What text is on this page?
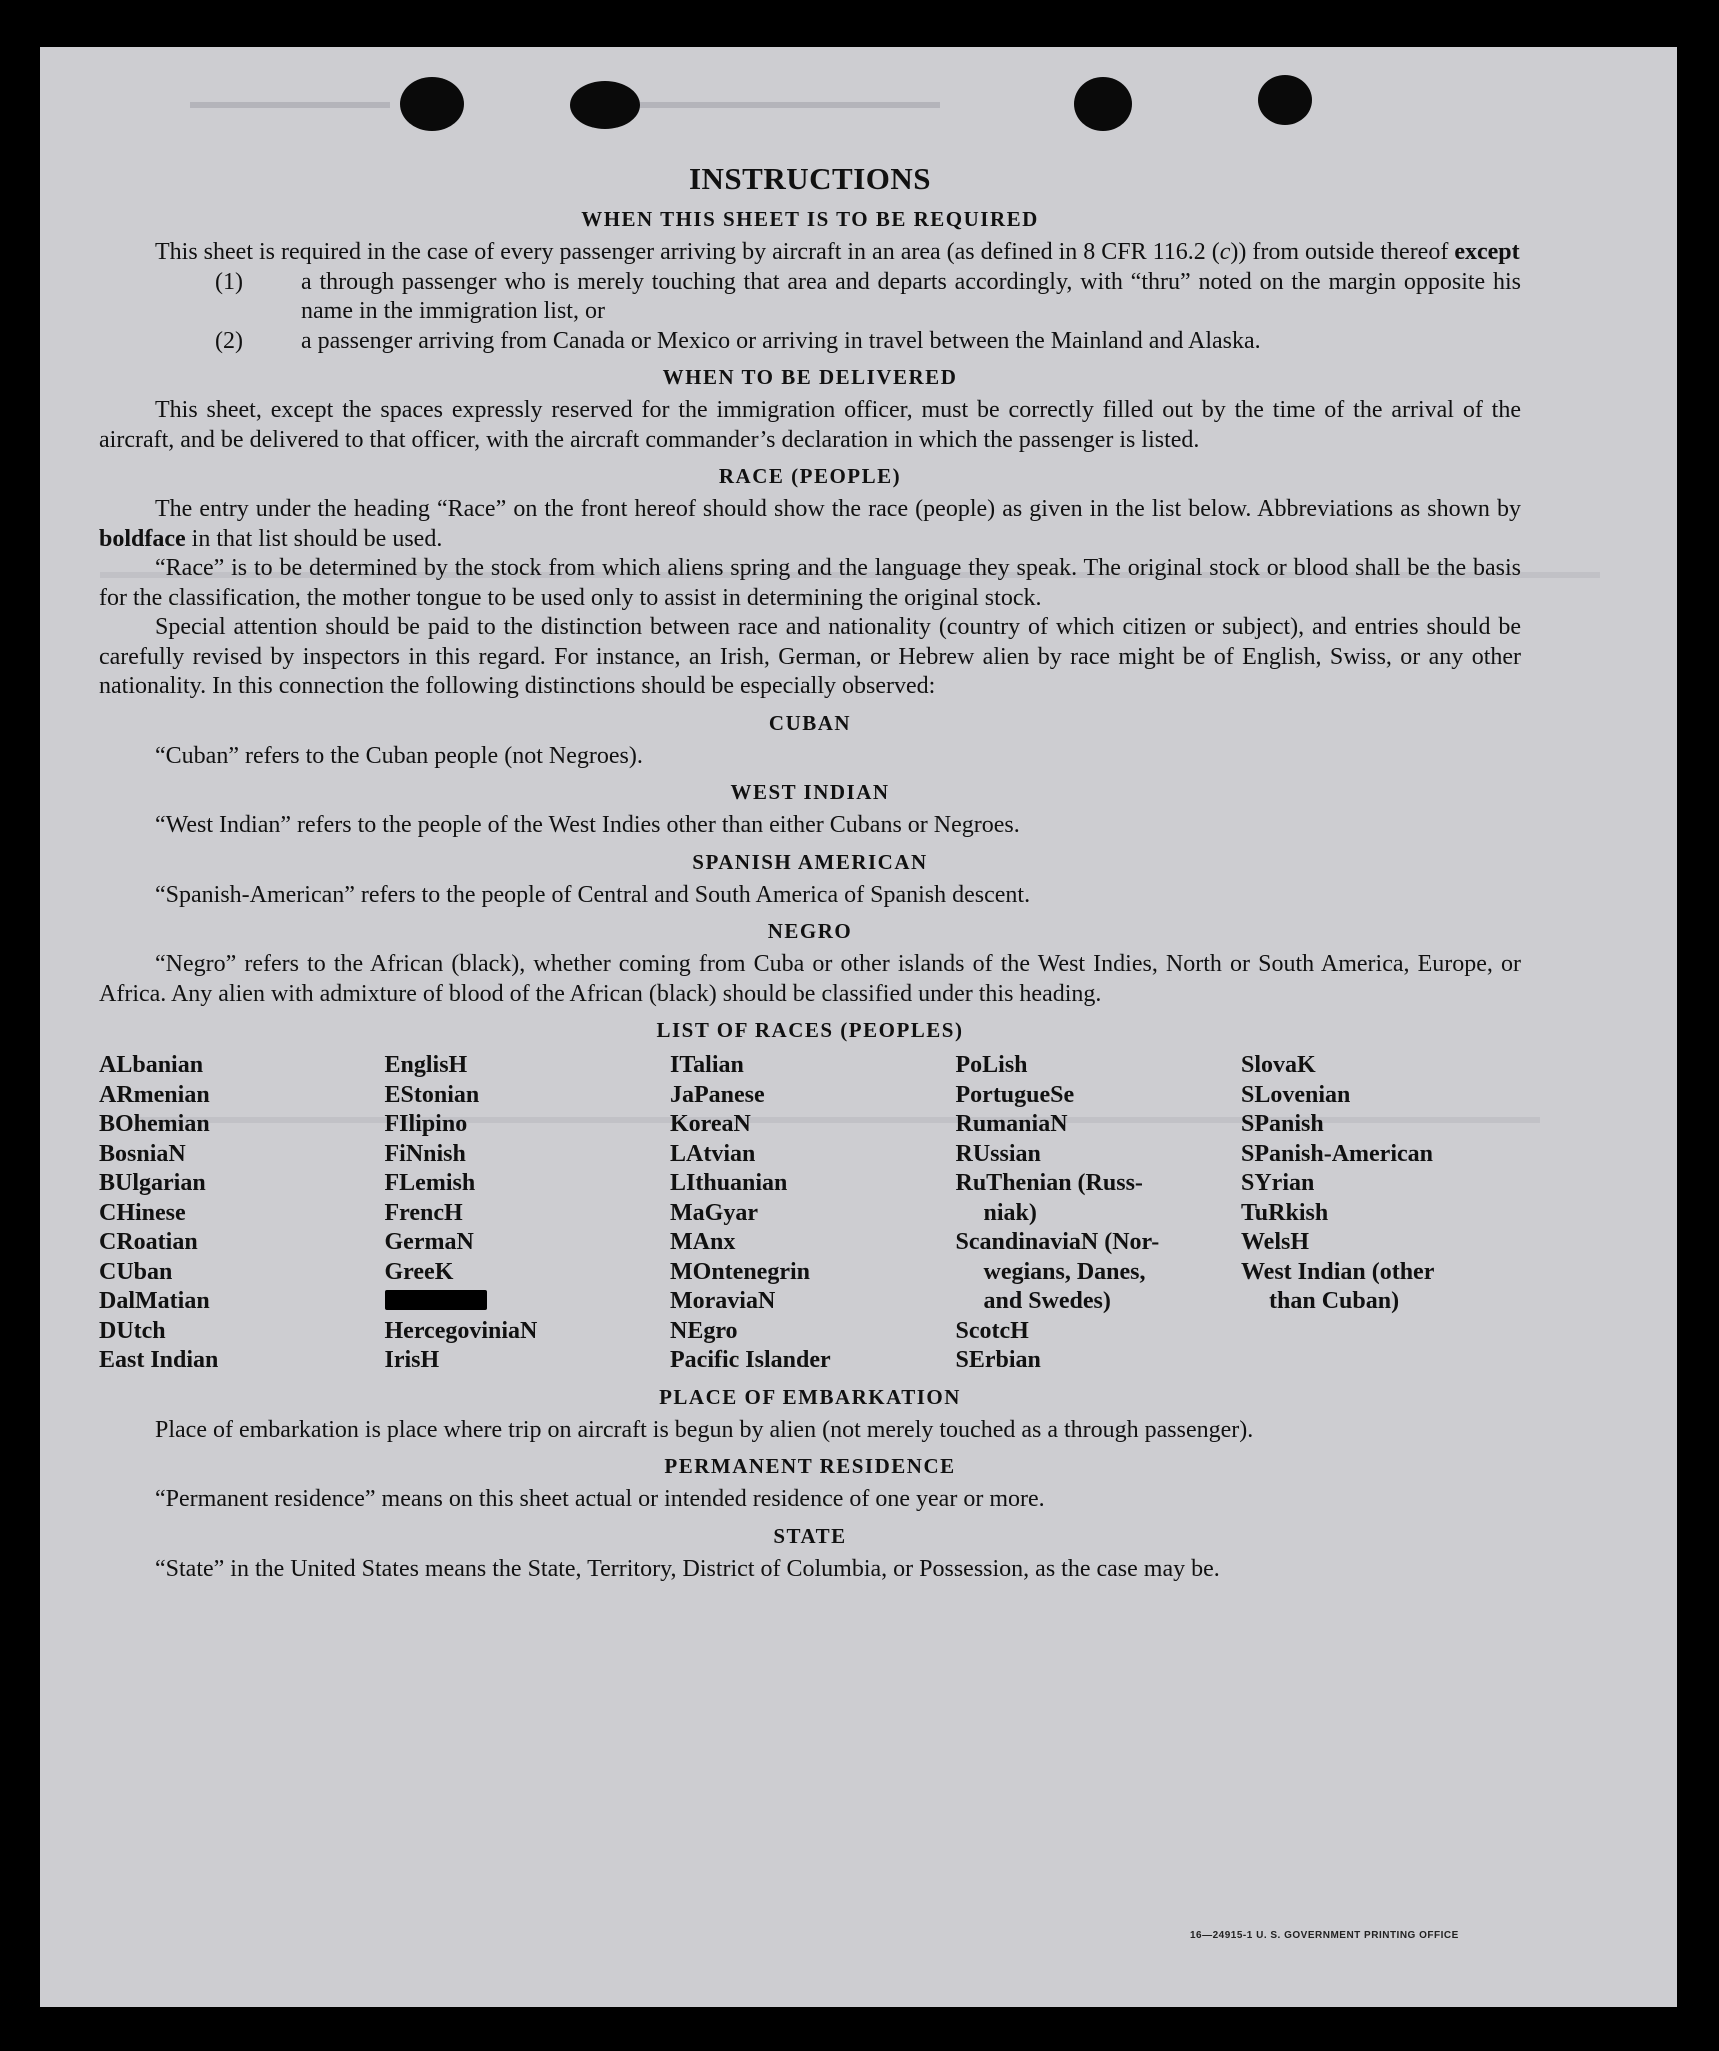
16—24915-1 U. S. GOVERNMENT PRINTING OFFICE
INSTRUCTIONS
WHEN THIS SHEET IS TO BE REQUIRED

This sheet is required in the case of every passenger arriving by aircraft in an area (as defined in 8 CFR 116.2 (c)) from outside thereof except

(1) a through passenger who is merely touching that area and departs accordingly, with “thru” noted on the margin opposite his name in the immigration list, or
(2) a passenger arriving from Canada or Mexico or arriving in travel between the Mainland and Alaska.
WHEN TO BE DELIVERED

This sheet, except the spaces expressly reserved for the immigration officer, must be correctly filled out by the time of the arrival of the aircraft, and be delivered to that officer, with the aircraft commander’s declaration in which the passenger is listed.

RACE (PEOPLE)

The entry under the heading “Race” on the front hereof should show the race (people) as given in the list below. Abbreviations as shown by boldface in that list should be used.

“Race” is to be determined by the stock from which aliens spring and the language they speak. The original stock or blood shall be the basis for the classification, the mother tongue to be used only to assist in determining the original stock.

Special attention should be paid to the distinction between race and nationality (country of which citizen or subject), and entries should be carefully revised by inspectors in this regard. For instance, an Irish, German, or Hebrew alien by race might be of English, Swiss, or any other nationality. In this connection the following distinctions should be especially observed:

CUBAN

“Cuban” refers to the Cuban people (not Negroes).

WEST INDIAN

“West Indian” refers to the people of the West Indies other than either Cubans or Negroes.

SPANISH AMERICAN

“Spanish-American” refers to the people of Central and South America of Spanish descent.

NEGRO

“Negro” refers to the African (black), whether coming from Cuba or other islands of the West Indies, North or South America, Europe, or Africa. Any alien with admixture of blood of the African (black) should be classified under this heading.

LIST OF RACES (PEOPLES)
ALbanian
ARmenian
BOhemian
BosniaN
BUlgarian
CHinese
CRoatian
CUban
DalMatian
DUtch
East Indian
EnglisH
EStonian
FIlipino
FiNnish
FLemish
FrencH
GermaN
GreeK
HercegoviniaN
IrisH
ITalian
JaPanese
KoreaN
LAtvian
LIthuanian
MaGyar
MAnx
MOntenegrin
MoraviaN
NEgro
Pacific Islander
PoLish
PortugueSe
RumaniaN
RUssian
RuThenian (Russ-
niak)
ScandinaviaN (Nor-
wegians, Danes,
and Swedes)
ScotcH
SErbian
SlovaK
SLovenian
SPanish
SPanish-American
SYrian
TuRkish
WelsH
West Indian (other
than Cuban)
PLACE OF EMBARKATION

Place of embarkation is place where trip on aircraft is begun by alien (not merely touched as a through passenger).

PERMANENT RESIDENCE

“Permanent residence” means on this sheet actual or intended residence of one year or more.

STATE

“State” in the United States means the State, Territory, District of Columbia, or Possession, as the case may be.
